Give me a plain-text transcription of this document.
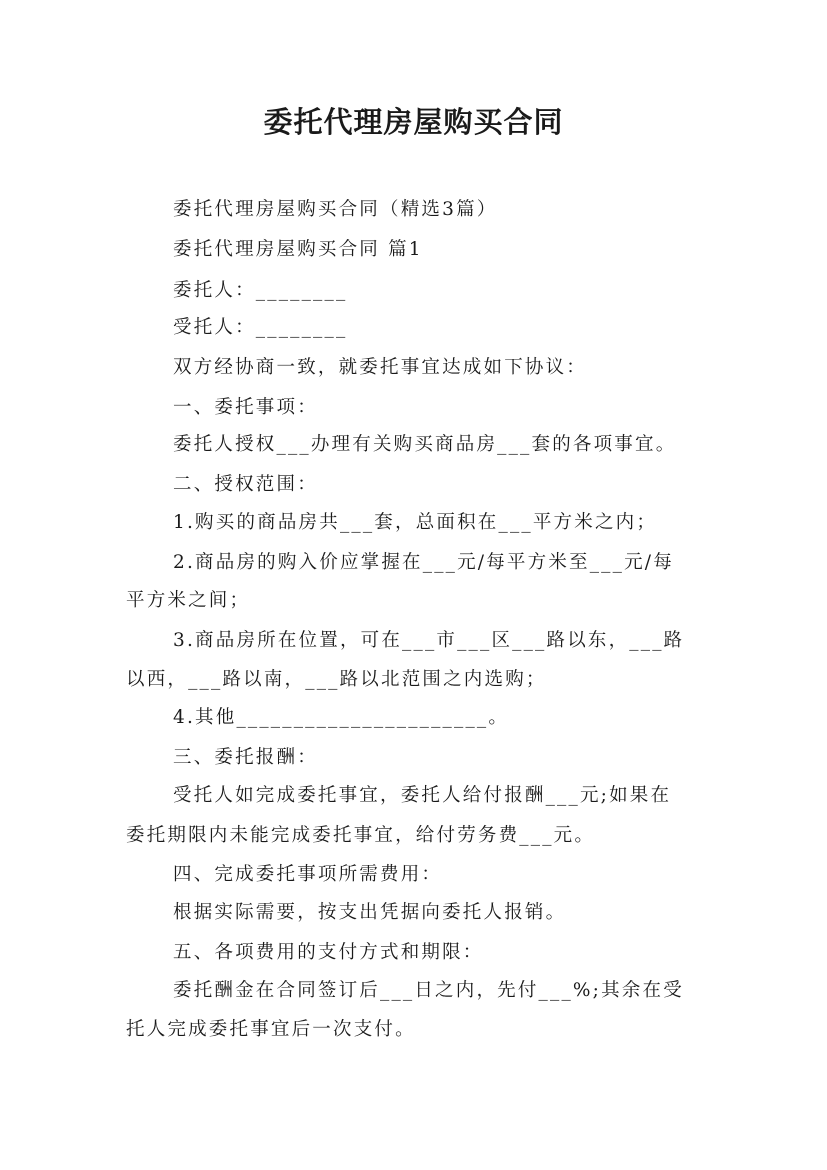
委托代理房屋购买合同

委托代理房屋购买合同（精选3篇）

委托代理房屋购买合同 篇1

委托人：________

受托人：________

双方经协商一致，就委托事宜达成如下协议：

一、委托事项：

委托人授权___办理有关购买商品房___套的各项事宜。

二、授权范围：

1.购买的商品房共___套，总面积在___平方米之内；

2.商品房的购入价应掌握在___元/每平方米至___元/每

平方米之间；

3.商品房所在位置，可在___市___区___路以东，___路

以西，___路以南，___路以北范围之内选购；

4.其他______________________。

三、委托报酬：

受托人如完成委托事宜，委托人给付报酬___元;如果在

委托期限内未能完成委托事宜，给付劳务费___元。

四、完成委托事项所需费用：

根据实际需要，按支出凭据向委托人报销。

五、各项费用的支付方式和期限：

委托酬金在合同签订后___日之内，先付___%;其余在受

托人完成委托事宜后一次支付。
